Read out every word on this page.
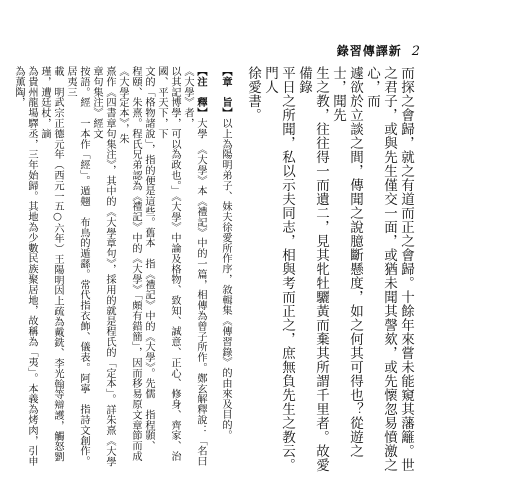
錄習傳譯新 2
而探之會歸，就之有道而正之會歸。十餘年來嘗未能窺其藩籬。世
之君子，或與先生僅交一面，或猶未聞其謦欬，或先懷忽易憤激之心，而
遽欲於立談之間，傳聞之說臆斷懸度，如之何其可得也？從遊之士，聞先
生之教，往往得一而遺二，見其牝牡驪黃而棄其所謂千里者。故愛備錄
平日之所聞，私以示夫同志，相與考而正之，庶無負先生之教云。門人
徐愛書。
【章　旨】以上為陽明弟子、妹夫徐愛所作序，敘輯集《傳習錄》的由來及目的。
【注　釋】大學　《大學》本《禮記》中的一篇，相傳為曾子所作。鄭玄解釋說：「名曰《大學》者，
以其記博學，可以為政也。」《大學》中論及格物、致知、誠意、正心、修身、齊家、治國、平天下，下
文的「格物諸說」，指的便是這些。舊本　指《禮記》中的《大學》。先儒　指程顥、
程頤、朱熹。程氏兄弟認為《禮記》中的《大學》「頗有錯簡」，因而移易原文章節而成《大學定本》，朱
熹作《四書章句集注》，其中的《大學章句》，採用的就是程氏的「定本」。詳朱熹《大學章句集注》經文
按語。經　一本作「經」。遁翹　布鳥的遁繇。常代指衣飾、儀表。阿寧　指詩文創作。居夷三
載　明武宗正德元年（西元一五○六年）王陽明因上疏為戴銑、李光翰等辯護，觸怒劉瑾，遭廷杖，謫
為貴州龍場驛丞，三年始歸。其地為少數民族聚居地，故稱為「夷」。本義為烤肉，引申為薰陶，
